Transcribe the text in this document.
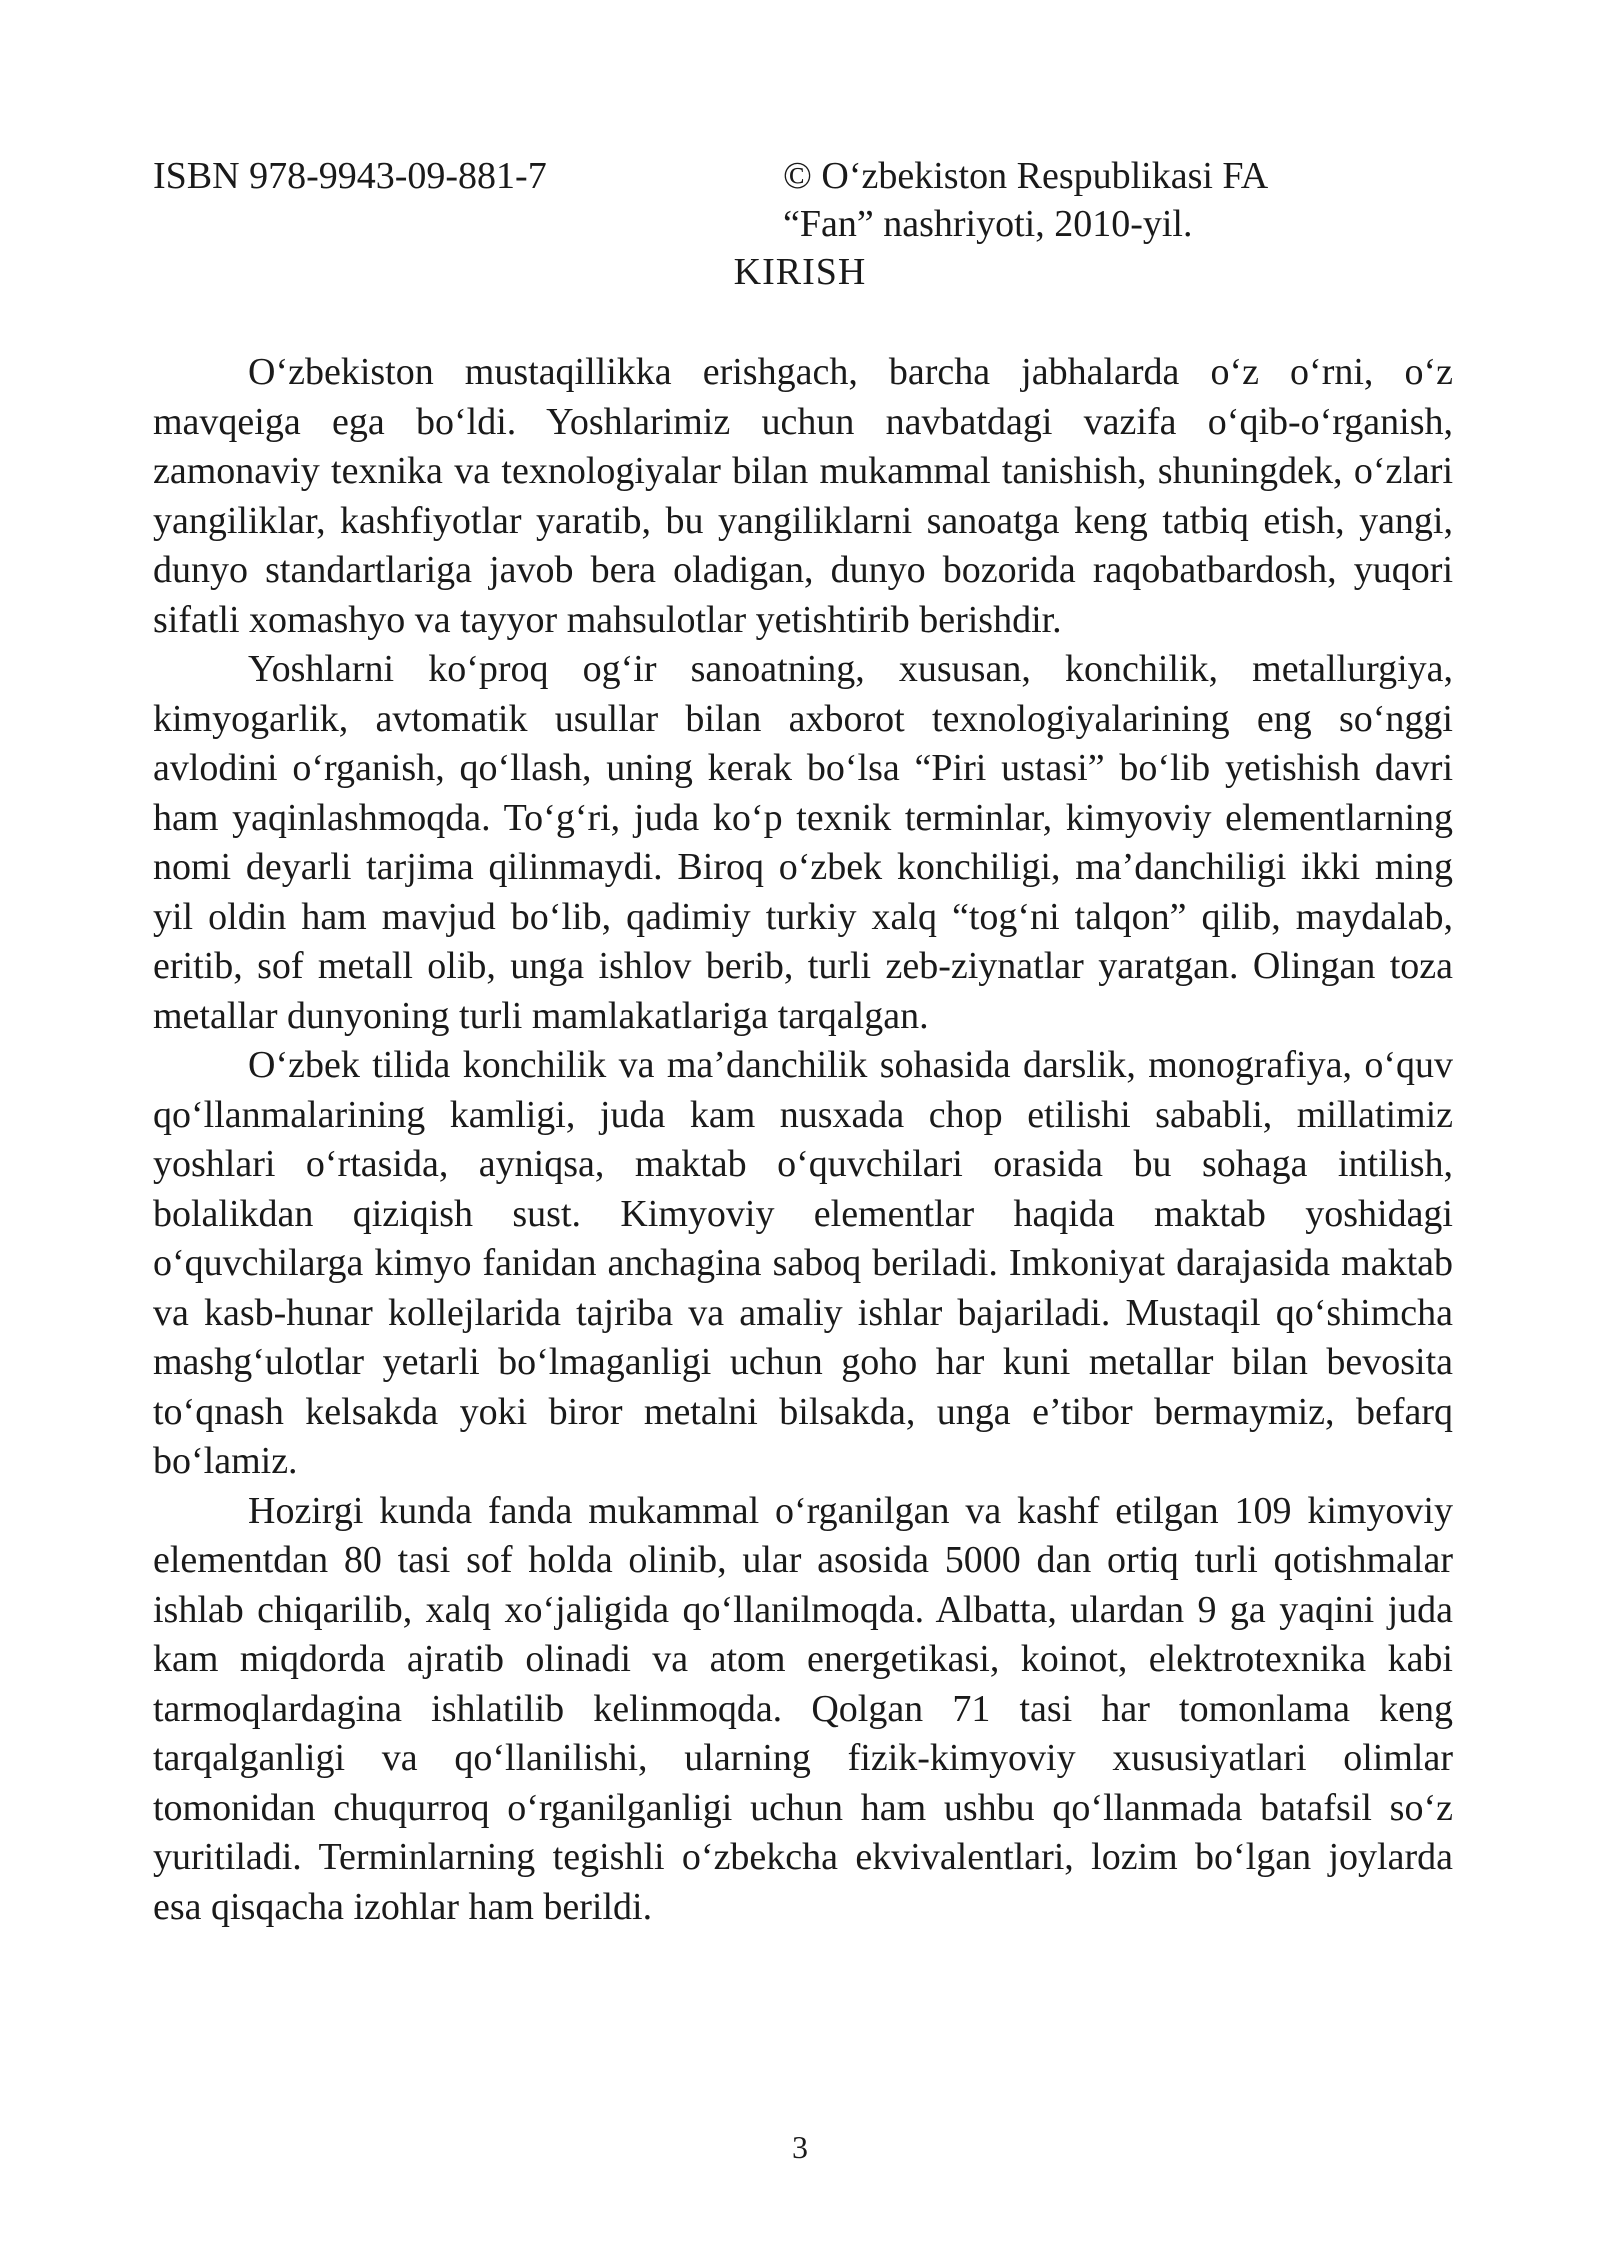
ISBN 978-9943-09-881-7	© O‘zbekiston Respublikasi FA
“Fan” nashriyoti, 2010-yil.
KIRISH

O‘zbekiston mustaqillikka erishgach, barcha jabhalarda o‘z o‘rni, o‘z mavqeiga ega bo‘ldi. Yoshlarimiz uchun navbatdagi vazifa o‘qib-o‘rganish, zamonaviy texnika va texnologiyalar bilan mukammal tanishish, shuningdek, o‘zlari yangiliklar, kashfiyotlar yaratib, bu yangiliklarni sanoatga keng tatbiq etish, yangi, dunyo standartlariga javob bera oladigan, dunyo bozorida raqobatbardosh, yuqori sifatli xomashyo va tayyor mahsulotlar yetishtirib berishdir.

Yoshlarni ko‘proq og‘ir sanoatning, xususan, konchilik, metallurgiya, kimyogarlik, avtomatik usullar bilan axborot texnologiyalarining eng so‘nggi avlodini o‘rganish, qo‘llash, uning kerak bo‘lsa “Piri ustasi” bo‘lib yetishish davri ham yaqinlashmoqda. To‘g‘ri, juda ko‘p texnik terminlar, kimyoviy elementlarning nomi deyarli tarjima qilinmaydi. Biroq o‘zbek konchiligi, ma’danchiligi ikki ming yil oldin ham mavjud bo‘lib, qadimiy turkiy xalq “tog‘ni talqon” qilib, maydalab, eritib, sof metall olib, unga ishlov berib, turli zeb-ziynatlar yaratgan. Olingan toza metallar dunyoning turli mamlakatlariga tarqalgan.

O‘zbek tilida konchilik va ma’danchilik sohasida darslik, monografiya, o‘quv qo‘llanmalarining kamligi, juda kam nusxada chop etilishi sababli, millatimiz yoshlari o‘rtasida, ayniqsa, maktab o‘quvchilari orasida bu sohaga intilish, bolalikdan qiziqish sust. Kimyoviy elementlar haqida maktab yoshidagi o‘quvchilarga kimyo fanidan anchagina saboq beriladi. Imkoniyat darajasida maktab va kasb-hunar kollejlarida tajriba va amaliy ishlar bajariladi. Mustaqil qo‘shimcha mashg‘ulotlar yetarli bo‘lmaganligi uchun goho har kuni metallar bilan bevosita to‘qnash kelsakda yoki biror metalni bilsakda, unga e’tibor bermaymiz, befarq bo‘lamiz.

Hozirgi kunda fanda mukammal o‘rganilgan va kashf etilgan 109 kimyoviy elementdan 80 tasi sof holda olinib, ular asosida 5000 dan ortiq turli qotishmalar ishlab chiqarilib, xalq xo‘jaligida qo‘llanilmoqda. Albatta, ulardan 9 ga yaqini juda kam miqdorda ajratib olinadi va atom energetikasi, koinot, elektrotexnika kabi tarmoqlardagina ishlatilib kelinmoqda. Qolgan 71 tasi har tomonlama keng tarqalganligi va qo‘llanilishi, ularning fizik-kimyoviy xususiyatlari olimlar tomonidan chuqurroq o‘rganilganligi uchun ham ushbu qo‘llanmada batafsil so‘z yuritiladi. Terminlarning tegishli o‘zbekcha ekvivalentlari, lozim bo‘lgan joylarda esa qisqacha izohlar ham berildi.

3
